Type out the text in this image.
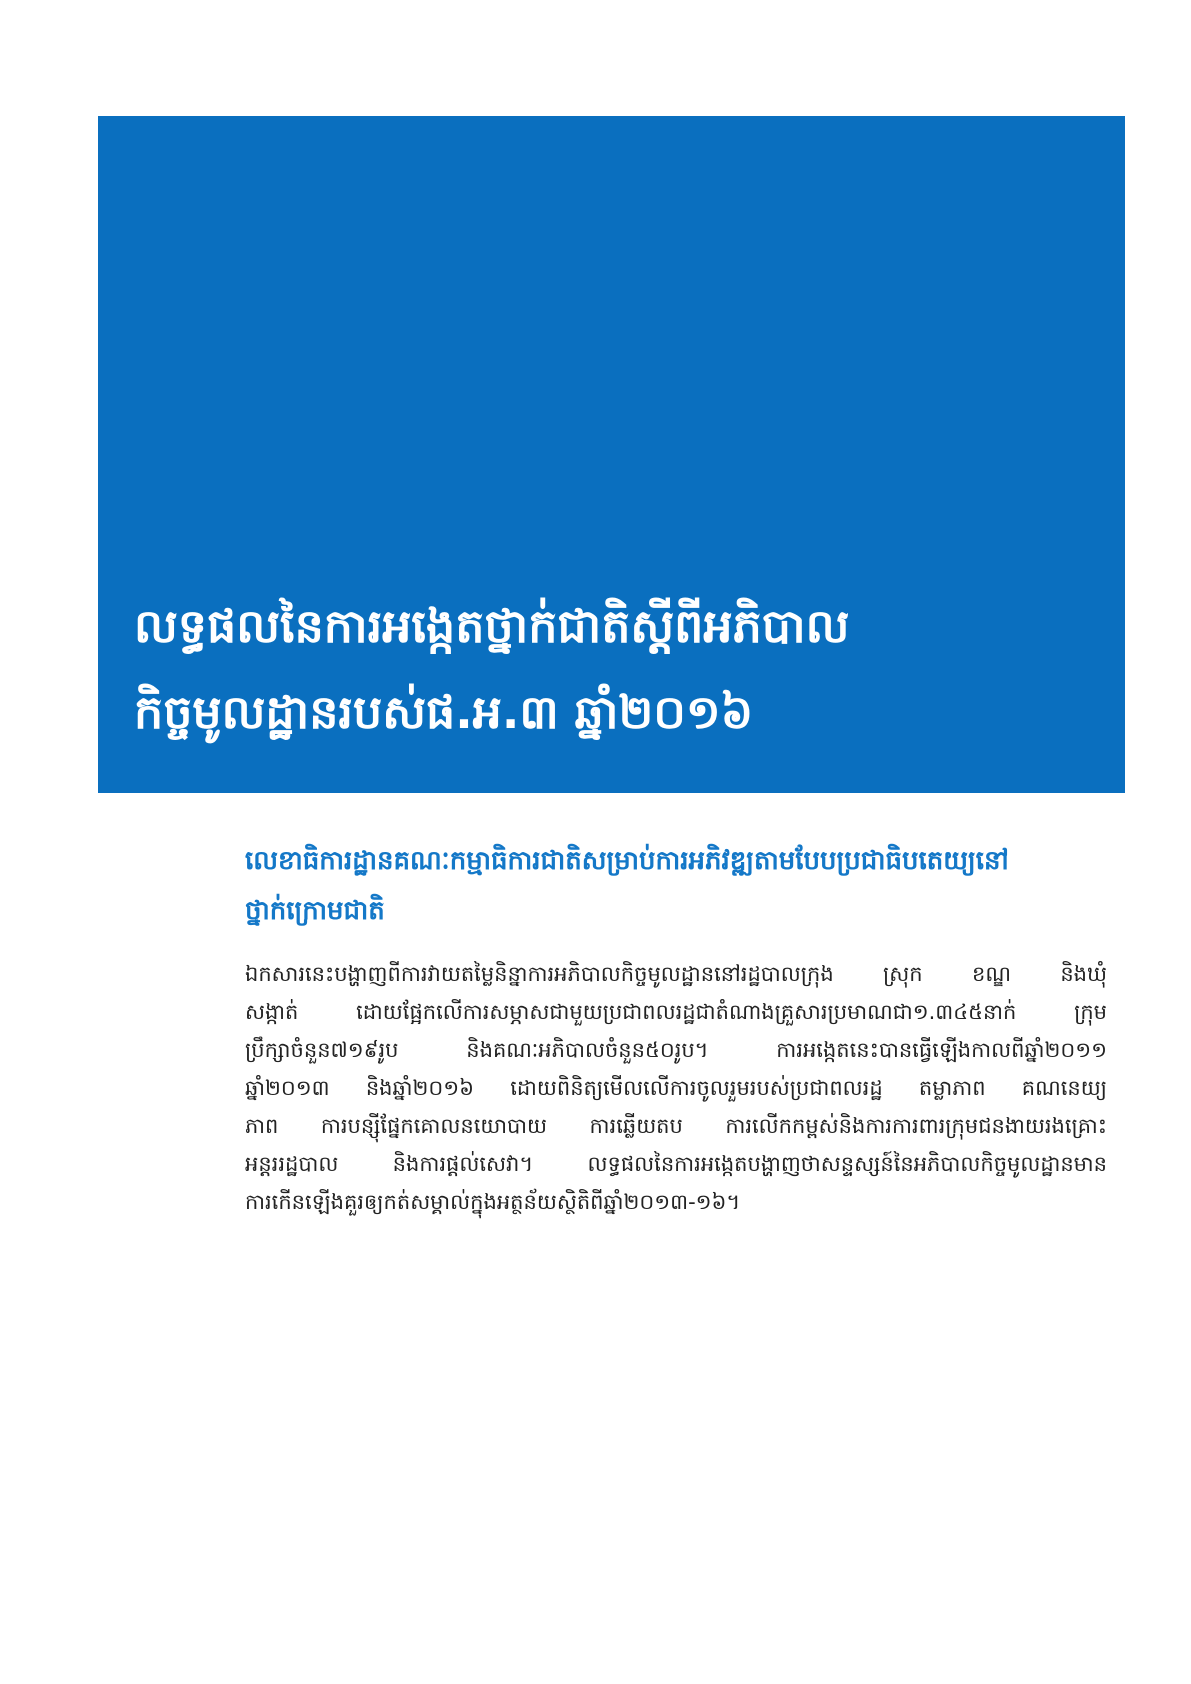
លទ្ធផលនៃការអង្កេតថ្នាក់ជាតិស្តីពីអភិបាល
កិច្ចមូលដ្ឋានរបស់ផ.អ.៣ ឆ្នាំ២០១៦
លេខាធិការដ្ឋានគណៈកម្មាធិការជាតិសម្រាប់ការអភិវឌ្ឍតាមបែបប្រជាធិបតេយ្យនៅ
ថ្នាក់ក្រោមជាតិ

ឯកសារនេះបង្ហាញពីការវាយតម្លៃនិន្នាការអភិបាលកិច្ចមូលដ្ឋាននៅរដ្ឋបាលក្រុង ស្រុក ខណ្ឌ និងឃុំ
សង្កាត់ ដោយផ្អែកលើការសម្ភាសជាមួយប្រជាពលរដ្ឋជាតំណាងគ្រួសារប្រមាណជា១.៣៤៥នាក់ ក្រុម
ប្រឹក្សាចំនួន៧១៩រូប និងគណៈអភិបាលចំនួន៥០រូប។ ការអង្កេតនេះបានធ្វើឡើងកាលពីឆ្នាំ២០១១
ឆ្នាំ២០១៣ និងឆ្នាំ២០១៦ ដោយពិនិត្យមើលលើការចូលរួមរបស់ប្រជាពលរដ្ឋ តម្លាភាព គណនេយ្យ
ភាព ការបន្សុីផ្នែកគោលនយោបាយ ការឆ្លើយតប ការលើកកម្ពស់និងការការពារក្រុមជនងាយរងគ្រោះ
អន្តររដ្ឋបាល និងការផ្តល់សេវា។ លទ្ធផលនៃការអង្កេតបង្ហាញថាសន្ទស្សន៍នៃអភិបាលកិច្ចមូលដ្ឋានមាន
ការកើនឡើងគួរឲ្យកត់សម្គាល់ក្នុងអត្ថន័យស្ថិតិពីឆ្នាំ២០១៣-១៦។
